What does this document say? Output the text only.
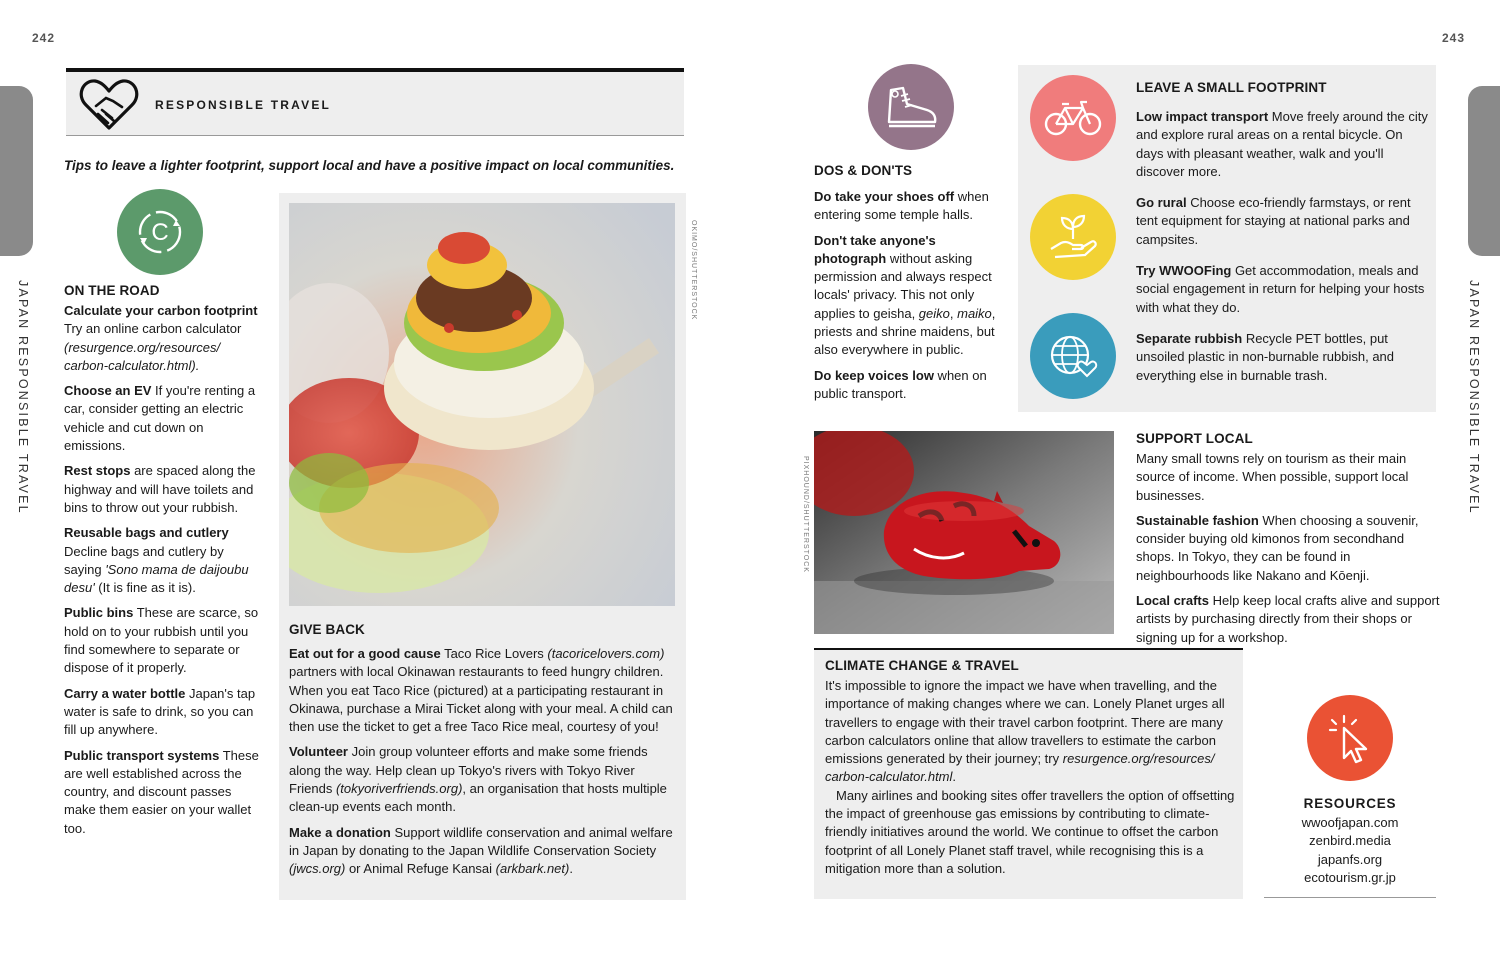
242	243
JAPAN RESPONSIBLE TRAVEL	JAPAN RESPONSIBLE TRAVEL
RESPONSIBLE TRAVEL
Tips to leave a lighter footprint, support local and have a positive impact on local communities.
C
ON THE ROAD

Calculate your carbon footprint
Try an online carbon calculator
(resurgence.org/resources/ carbon-calculator.html).

Choose an EV If you're renting a car, consider getting an electric vehicle and cut down on emissions.

Rest stops are spaced along the highway and will have toilets and bins to throw out your rubbish.

Reusable bags and cutlery
Decline bags and cutlery by saying 'Sono mama de daijoubu desu' (It is fine as it is).

Public bins These are scarce, so hold on to your rubbish until you find somewhere to separate or dispose of it properly.

Carry a water bottle Japan's tap water is safe to drink, so you can fill up anywhere.

Public transport systems These are well established across the country, and discount passes make them easier on your wallet too.

OKIMO/SHUTTERSTOCK
GIVE BACK

Eat out for a good cause Taco Rice Lovers (tacoricelovers.com) partners with local Okinawan restaurants to feed hungry children. When you eat Taco Rice (pictured) at a participating restaurant in Okinawa, purchase a Mirai Ticket along with your meal. A child can then use the ticket to get a free Taco Rice meal, courtesy of you!

Volunteer Join group volunteer efforts and make some friends along the way. Help clean up Tokyo's rivers with Tokyo River Friends (tokyoriverfriends.org), an organisation that hosts multiple clean-up events each month.

Make a donation Support wildlife conservation and animal welfare in Japan by donating to the Japan Wildlife Conservation Society (jwcs.org) or Animal Refuge Kansai (arkbark.net).

DOS & DON'TS

Do take your shoes off when entering some temple halls.

Don't take anyone's photograph without asking permission and always respect locals' privacy. This not only applies to geisha, geiko, maiko, priests and shrine maidens, but also everywhere in public.

Do keep voices low when on public transport.

LEAVE A SMALL FOOTPRINT

Low impact transport Move freely around the city and explore rural areas on a rental bicycle. On days with pleasant weather, walk and you'll discover more.

Go rural Choose eco-friendly farmstays, or rent tent equipment for staying at national parks and campsites.

Try WWOOFing Get accommodation, meals and social engagement in return for helping your hosts with what they do.

Separate rubbish Recycle PET bottles, put unsoiled plastic in non-burnable rubbish, and everything else in burnable trash.

PIXHOUND/SHUTTERSTOCK
SUPPORT LOCAL

Many small towns rely on tourism as their main source of income. When possible, support local businesses.

Sustainable fashion When choosing a souvenir, consider buying old kimonos from secondhand shops. In Tokyo, they can be found in neighbourhoods like Nakano and Kōenji.

Local crafts Help keep local crafts alive and support artists by purchasing directly from their shops or signing up for a workshop.

CLIMATE CHANGE & TRAVEL

It's impossible to ignore the impact we have when travelling, and the importance of making changes where we can. Lonely Planet urges all travellers to engage with their travel carbon footprint. There are many carbon calculators online that allow travellers to estimate the carbon emissions generated by their journey; try resurgence.org/resources/ carbon-calculator.html.

Many airlines and booking sites offer travellers the option of offsetting the impact of greenhouse gas emissions by contributing to climate-friendly initiatives around the world. We continue to offset the carbon footprint of all Lonely Planet staff travel, while recognising this is a mitigation more than a solution.

RESOURCES
wwoofjapan.com
zenbird.media
japanfs.org
ecotourism.gr.jp
